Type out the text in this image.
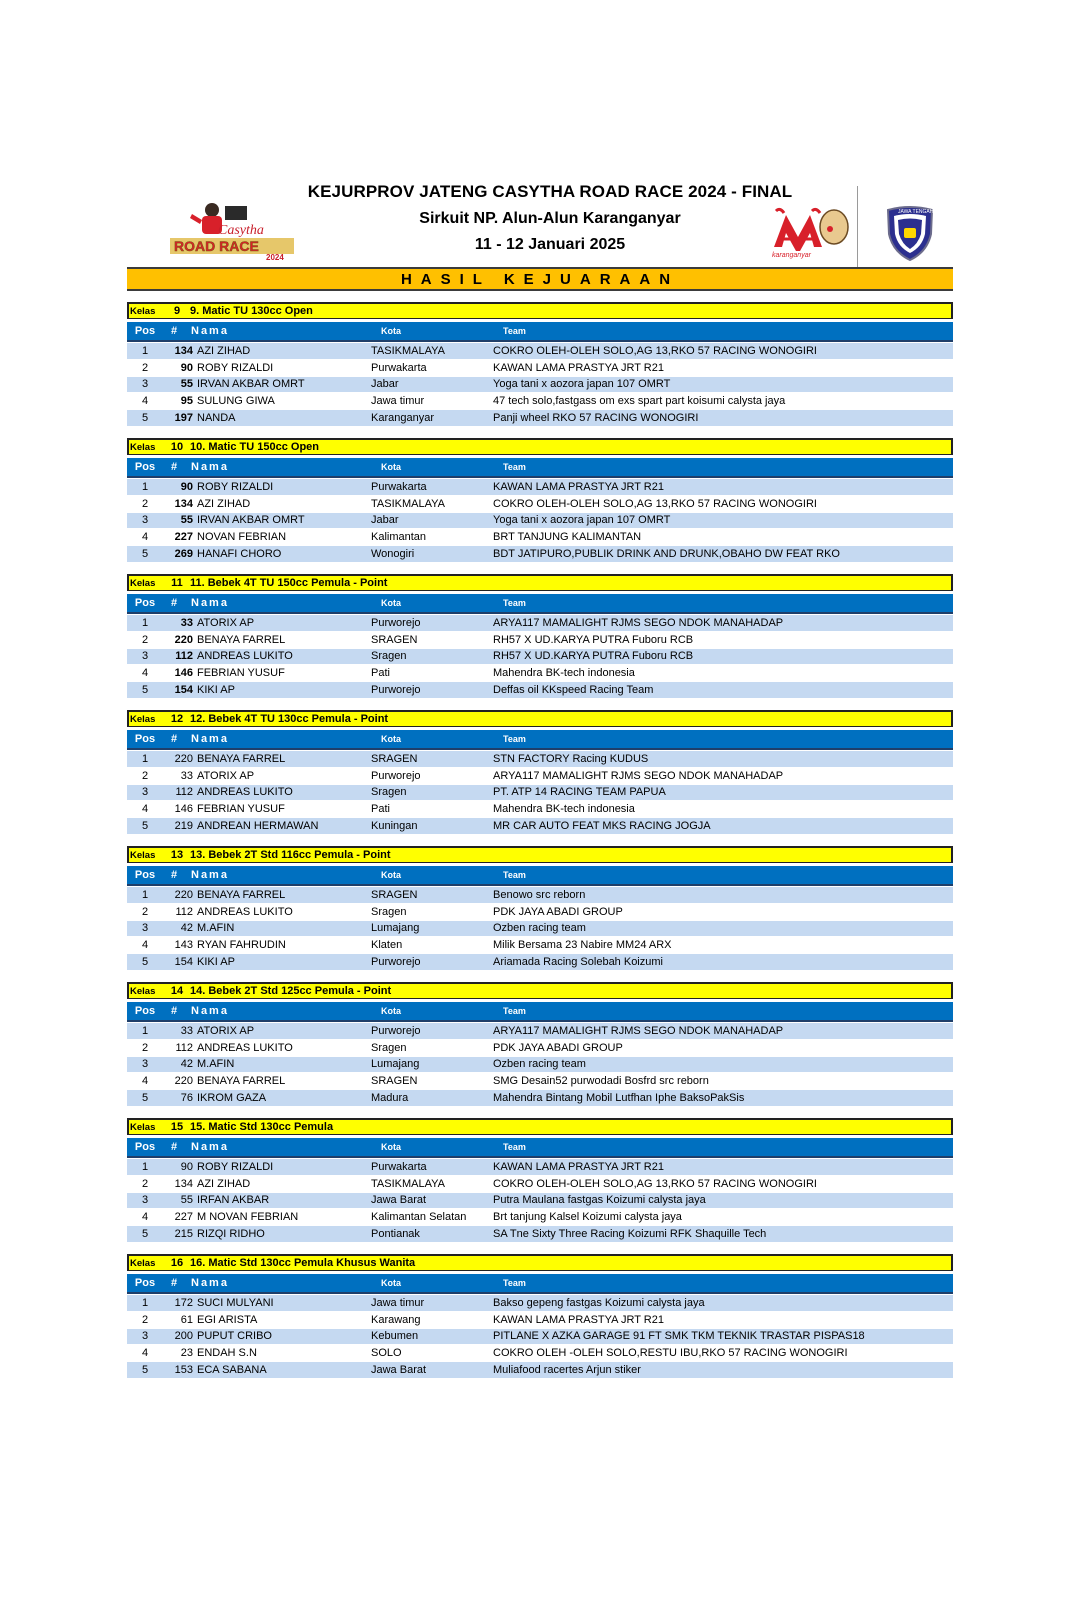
Casytha
ROAD RACE
2024
KEJURPROV JATENG CASYTHA ROAD RACE 2024 - FINAL
Sirkuit NP. Alun-Alun Karanganyar
11 - 12 Januari 2025
karanganyar
JAWA TENGAH
HASIL KEJUARAAN
Kelas	9 9. Matic TU 130cc Open
Pos	#	Nama	Kota	Team
1	134 AZI ZIHAD	TASIKMALAYA	COKRO OLEH-OLEH SOLO,AG 13,RKO 57 RACING WONOGIRI
2	90 ROBY RIZALDI	Purwakarta	KAWAN LAMA PRASTYA JRT R21
3	55 IRVAN AKBAR OMRT	Jabar	Yoga tani x aozora japan 107 OMRT
4	95 SULUNG GIWA	Jawa timur	47 tech solo,fastgass om exs spart part koisumi calysta jaya
5	197 NANDA	Karanganyar	Panji wheel RKO 57 RACING WONOGIRI
Kelas	10 10. Matic TU 150cc Open
Pos	#	Nama	Kota	Team
1	90 ROBY RIZALDI	Purwakarta	KAWAN LAMA PRASTYA JRT R21
2	134 AZI ZIHAD	TASIKMALAYA	COKRO OLEH-OLEH SOLO,AG 13,RKO 57 RACING WONOGIRI
3	55 IRVAN AKBAR OMRT	Jabar	Yoga tani x aozora japan 107 OMRT
4	227 NOVAN FEBRIAN	Kalimantan	BRT TANJUNG KALIMANTAN
5	269 HANAFI CHORO	Wonogiri	BDT JATIPURO,PUBLIK DRINK AND DRUNK,OBAHO DW FEAT RKO
Kelas	11 11. Bebek 4T TU 150cc Pemula - Point
Pos	#	Nama	Kota	Team
1	33 ATORIX AP	Purworejo	ARYA117 MAMALIGHT RJMS SEGO NDOK MANAHADAP
2	220 BENAYA FARREL	SRAGEN	RH57 X UD.KARYA PUTRA Fuboru RCB
3	112 ANDREAS LUKITO	Sragen	RH57 X UD.KARYA PUTRA Fuboru RCB
4	146 FEBRIAN YUSUF	Pati	Mahendra BK-tech indonesia
5	154 KIKI AP	Purworejo	Deffas oil KKspeed Racing Team
Kelas	12 12. Bebek 4T TU 130cc Pemula - Point
Pos	#	Nama	Kota	Team
1	220 BENAYA FARREL	SRAGEN	STN FACTORY Racing KUDUS
2	33 ATORIX AP	Purworejo	ARYA117 MAMALIGHT RJMS SEGO NDOK MANAHADAP
3	112 ANDREAS LUKITO	Sragen	PT. ATP 14 RACING TEAM PAPUA
4	146 FEBRIAN YUSUF	Pati	Mahendra BK-tech indonesia
5	219 ANDREAN HERMAWAN	Kuningan	MR CAR AUTO FEAT MKS RACING JOGJA
Kelas	13 13. Bebek 2T Std 116cc Pemula - Point
Pos	#	Nama	Kota	Team
1	220 BENAYA FARREL	SRAGEN	Benowo src reborn
2	112 ANDREAS LUKITO	Sragen	PDK JAYA ABADI GROUP
3	42 M.AFIN	Lumajang	Ozben racing team
4	143 RYAN FAHRUDIN	Klaten	Milik Bersama 23 Nabire MM24 ARX
5	154 KIKI AP	Purworejo	Ariamada Racing Solebah Koizumi
Kelas	14 14. Bebek 2T Std 125cc Pemula - Point
Pos	#	Nama	Kota	Team
1	33 ATORIX AP	Purworejo	ARYA117 MAMALIGHT RJMS SEGO NDOK MANAHADAP
2	112 ANDREAS LUKITO	Sragen	PDK JAYA ABADI GROUP
3	42 M.AFIN	Lumajang	Ozben racing team
4	220 BENAYA FARREL	SRAGEN	SMG Desain52 purwodadi Bosfrd src reborn
5	76 IKROM GAZA	Madura	Mahendra Bintang Mobil Lutfhan Iphe BaksoPakSis
Kelas	15 15. Matic Std 130cc Pemula
Pos	#	Nama	Kota	Team
1	90 ROBY RIZALDI	Purwakarta	KAWAN LAMA PRASTYA JRT R21
2	134 AZI ZIHAD	TASIKMALAYA	COKRO OLEH-OLEH SOLO,AG 13,RKO 57 RACING WONOGIRI
3	55 IRFAN AKBAR	Jawa Barat	Putra Maulana fastgas Koizumi calysta jaya
4	227 M NOVAN FEBRIAN	Kalimantan Selatan	Brt tanjung Kalsel Koizumi calysta jaya
5	215 RIZQI RIDHO	Pontianak	SA Tne Sixty Three Racing Koizumi RFK Shaquille Tech
Kelas	16 16. Matic Std 130cc Pemula Khusus Wanita
Pos	#	Nama	Kota	Team
1	172 SUCI MULYANI	Jawa timur	Bakso gepeng fastgas Koizumi calysta jaya
2	61 EGI ARISTA	Karawang	KAWAN LAMA PRASTYA JRT R21
3	200 PUPUT CRIBO	Kebumen	PITLANE X AZKA GARAGE 91 FT SMK TKM TEKNIK TRASTAR PISPAS18
4	23 ENDAH S.N	SOLO	COKRO OLEH -OLEH SOLO,RESTU IBU,RKO 57 RACING WONOGIRI
5	153 ECA SABANA	Jawa Barat	Muliafood racertes Arjun stiker
